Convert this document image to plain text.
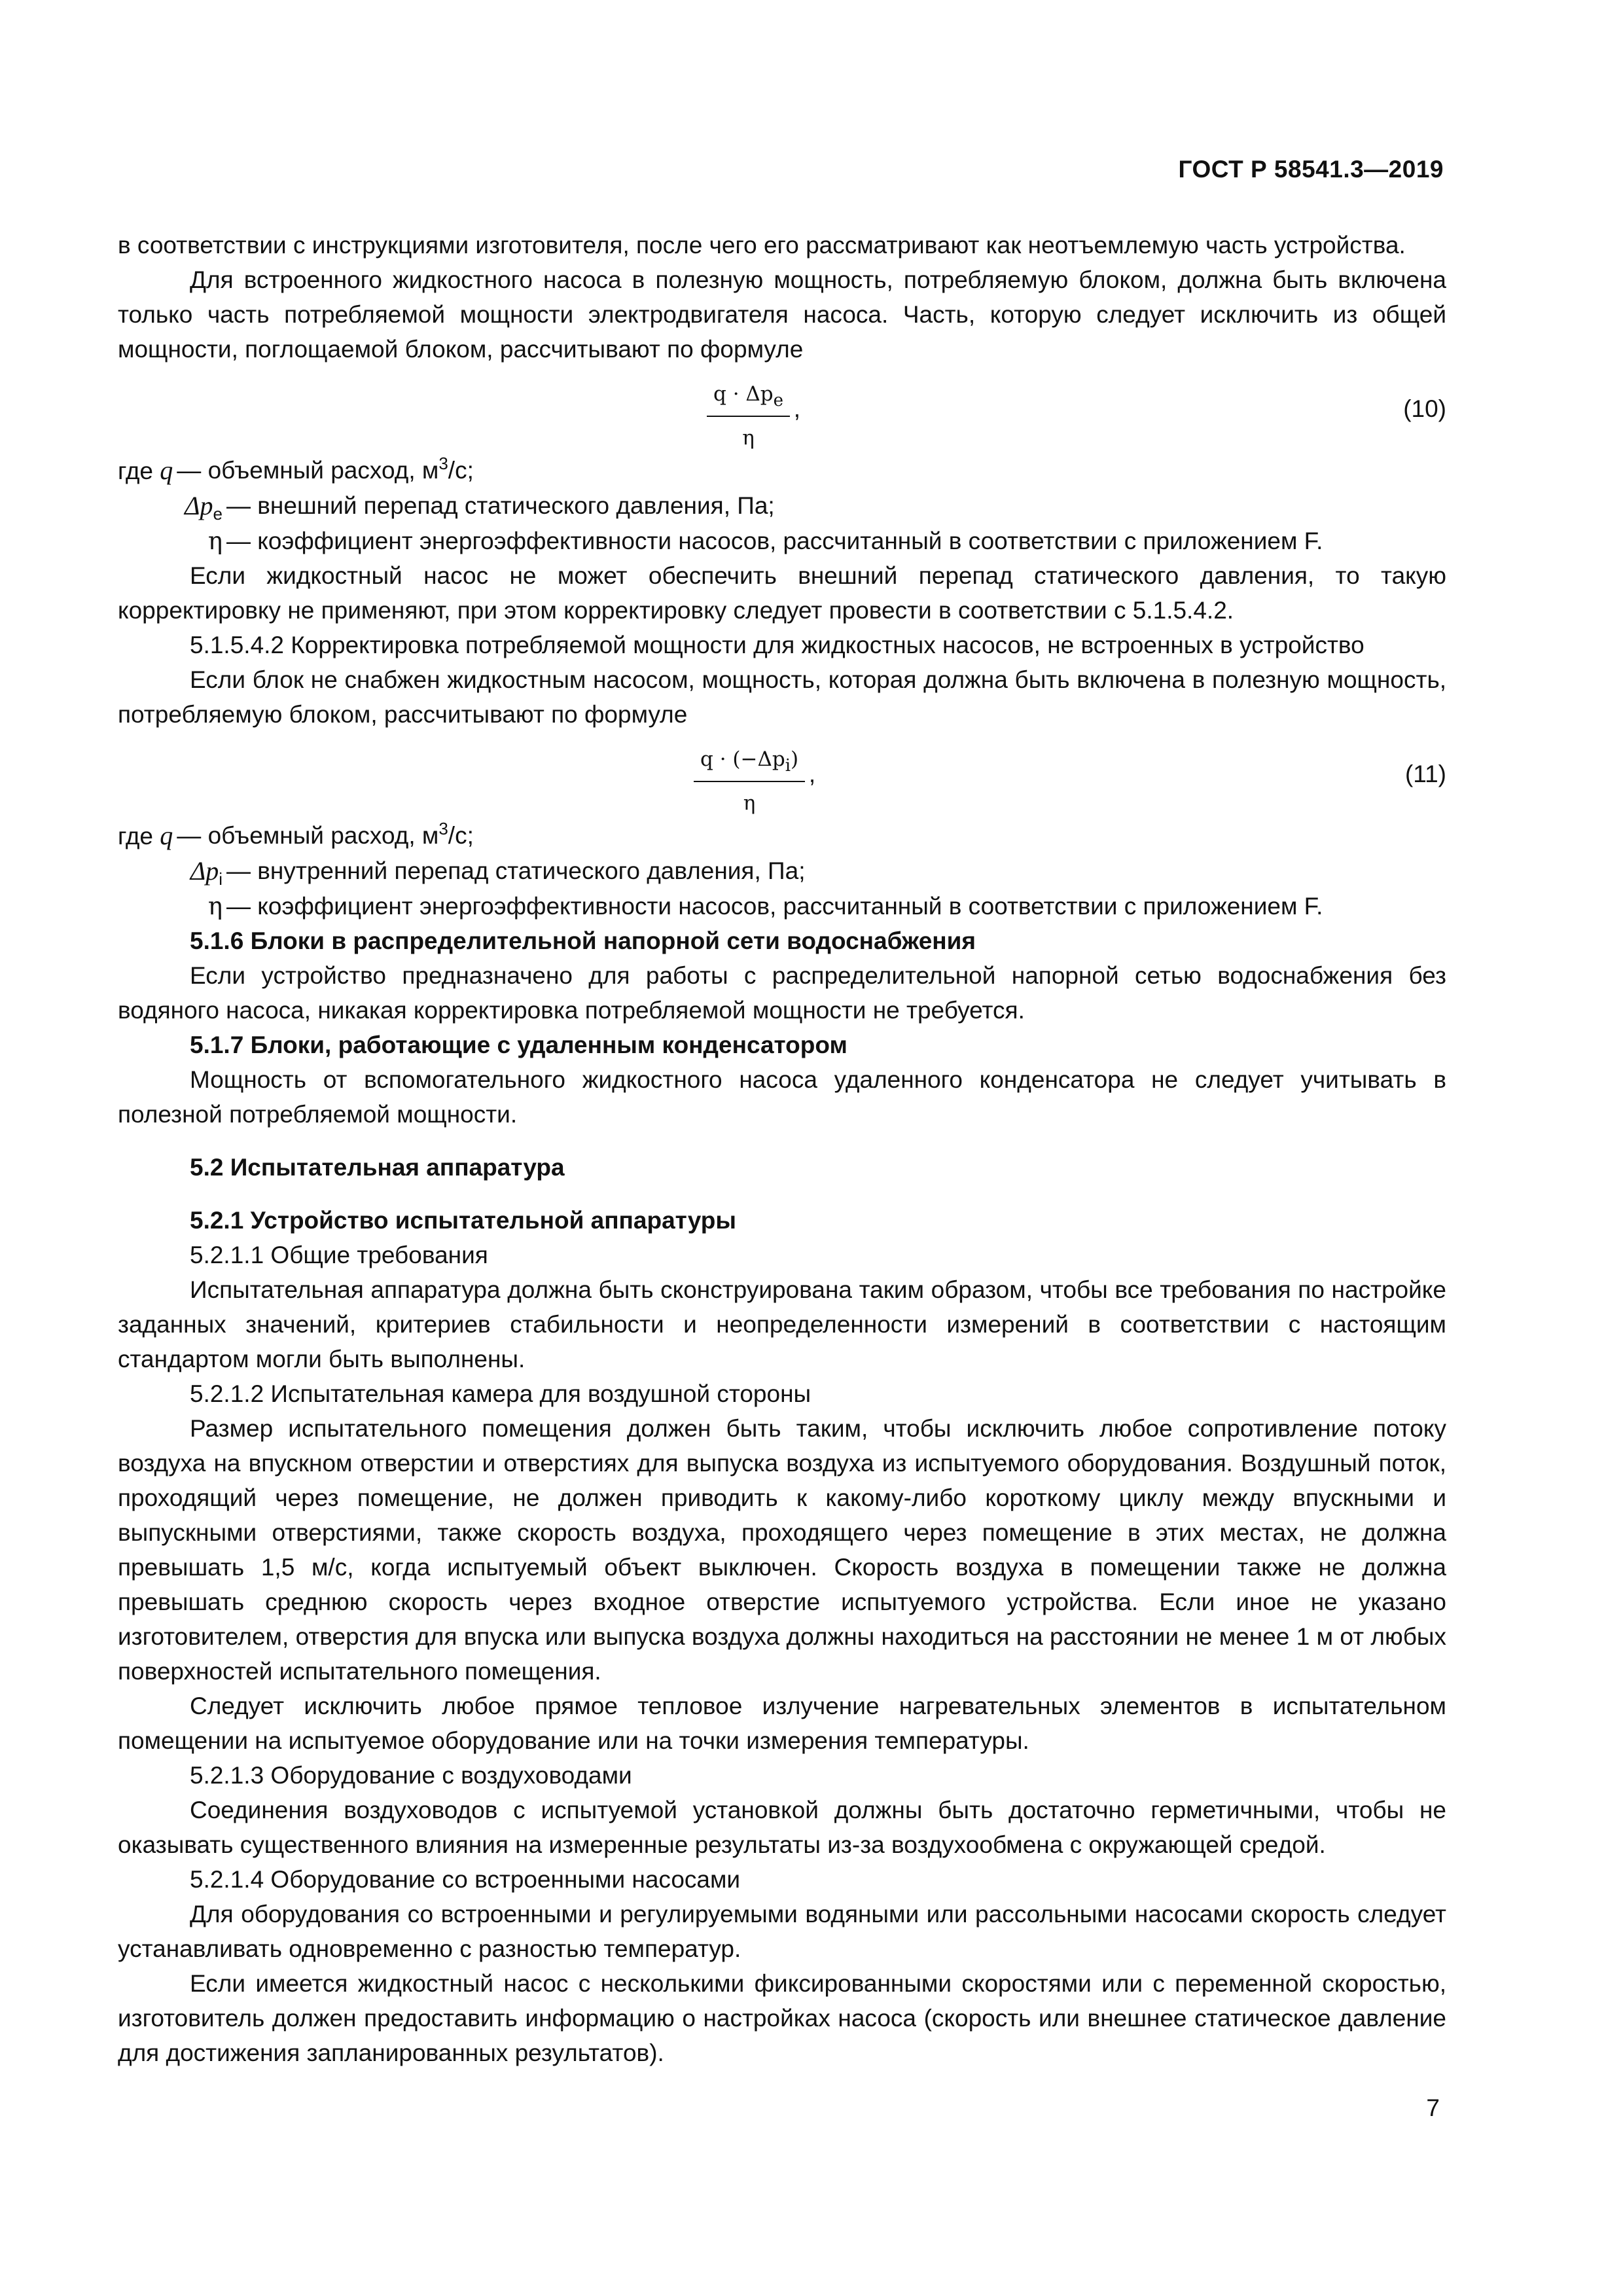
ГОСТ Р 58541.3—2019

в соответствии с инструкциями изготовителя, после чего его рассматривают как неотъемлемую часть устройства.

Для встроенного жидкостного насоса в полезную мощность, потребляемую блоком, должна быть включена только часть потребляемой мощности электродвигателя насоса. Часть, которую следует исключить из общей мощности, поглощаемой блоком, рассчитывают по формуле

$q \cdot \Delta p_e$
η
,	(10)
где q — объемный расход, $м^3/с$;
$\Delta p_e$ — внешний перепад статического давления, Па;
η — коэффициент энергоэффективности насосов, рассчитанный в соответствии с приложением F.

Если жидкостный насос не может обеспечить внешний перепад статического давления, то такую корректировку не применяют, при этом корректировку следует провести в соответствии с 5.1.5.4.2.

5.1.5.4.2 Корректировка потребляемой мощности для жидкостных насосов, не встроенных в устройство

Если блок не снабжен жидкостным насосом, мощность, которая должна быть включена в полезную мощность, потребляемую блоком, рассчитывают по формуле

$q \cdot (-\Delta p_i)$
η
,	(11)
где q — объемный расход, $м^3/с$;
$\Delta p_i$ — внутренний перепад статического давления, Па;
η — коэффициент энергоэффективности насосов, рассчитанный в соответствии с приложением F.

5.1.6 Блоки в распределительной напорной сети водоснабжения

Если устройство предназначено для работы с распределительной напорной сетью водоснабжения без водяного насоса, никакая корректировка потребляемой мощности не требуется.

5.1.7 Блоки, работающие с удаленным конденсатором

Мощность от вспомогательного жидкостного насоса удаленного конденсатора не следует учитывать в полезной потребляемой мощности.

5.2 Испытательная аппаратура

5.2.1 Устройство испытательной аппаратуры

5.2.1.1 Общие требования

Испытательная аппаратура должна быть сконструирована таким образом, чтобы все требования по настройке заданных значений, критериев стабильности и неопределенности измерений в соответствии с настоящим стандартом могли быть выполнены.

5.2.1.2 Испытательная камера для воздушной стороны

Размер испытательного помещения должен быть таким, чтобы исключить любое сопротивление потоку воздуха на впускном отверстии и отверстиях для выпуска воздуха из испытуемого оборудования. Воздушный поток, проходящий через помещение, не должен приводить к какому-либо короткому циклу между впускными и выпускными отверстиями, также скорость воздуха, проходящего через помещение в этих местах, не должна превышать 1,5 м/с, когда испытуемый объект выключен. Скорость воздуха в помещении также не должна превышать среднюю скорость через входное отверстие испытуемого устройства. Если иное не указано изготовителем, отверстия для впуска или выпуска воздуха должны находиться на расстоянии не менее 1 м от любых поверхностей испытательного помещения.

Следует исключить любое прямое тепловое излучение нагревательных элементов в испытательном помещении на испытуемое оборудование или на точки измерения температуры.

5.2.1.3 Оборудование с воздуховодами

Соединения воздуховодов с испытуемой установкой должны быть достаточно герметичными, чтобы не оказывать существенного влияния на измеренные результаты из-за воздухообмена с окружающей средой.

5.2.1.4 Оборудование со встроенными насосами

Для оборудования со встроенными и регулируемыми водяными или рассольными насосами скорость следует устанавливать одновременно с разностью температур.

Если имеется жидкостный насос с несколькими фиксированными скоростями или с переменной скоростью, изготовитель должен предоставить информацию о настройках насоса (скорость или внешнее статическое давление для достижения запланированных результатов).

7
